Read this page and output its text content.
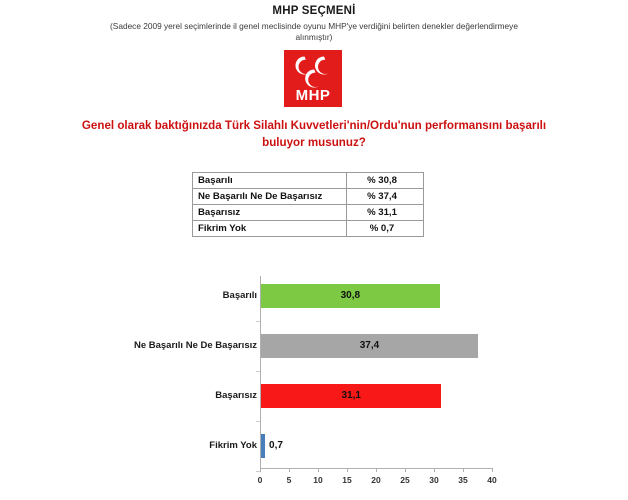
MHP SEÇMENİ
(Sadece 2009 yerel seçimlerinde il genel meclisinde oyunu MHP'ye verdiğini belirten denekler değerlendirmeye alınmıştır)
MHP
Genel olarak baktığınızda Türk Silahlı Kuvvetleri'nin/Ordu'nun performansını başarılı buluyor musunuz?
Başarılı	% 30,8
Ne Başarılı Ne De Başarısız	% 37,4
Başarısız	% 31,1
Fikrim Yok	% 0,7
0	5	10	15	20	25	30	35	40
Başarılı	30,8
Ne Başarılı Ne De Başarısız	37,4
Başarısız	31,1
Fikrim Yok 0,7
